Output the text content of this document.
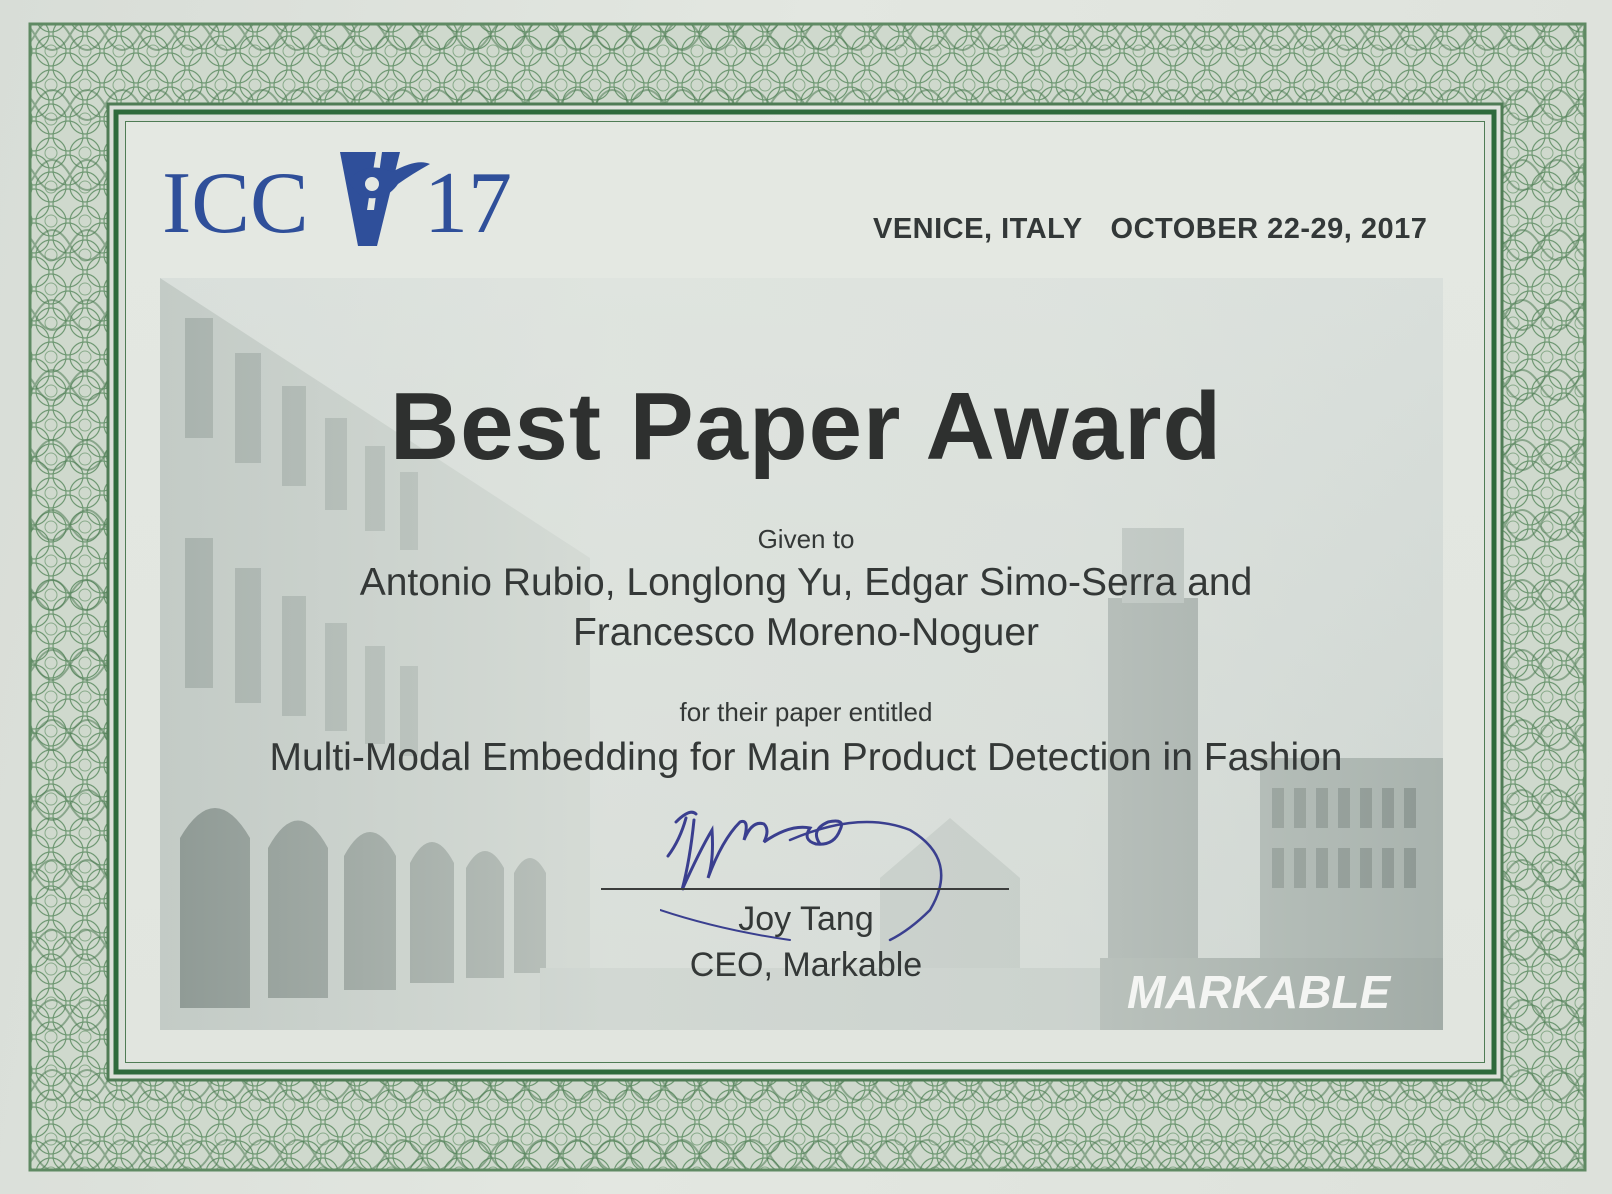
ICC 17	VENICE, ITALY OCTOBER 22-29, 2017
Best Paper Award
Given to
Antonio Rubio, Longlong Yu, Edgar Simo-Serra and
Francesco Moreno-Noguer
for their paper entitled
Multi-Modal Embedding for Main Product Detection in Fashion
Joy Tang
CEO, Markable
MARKABLE
